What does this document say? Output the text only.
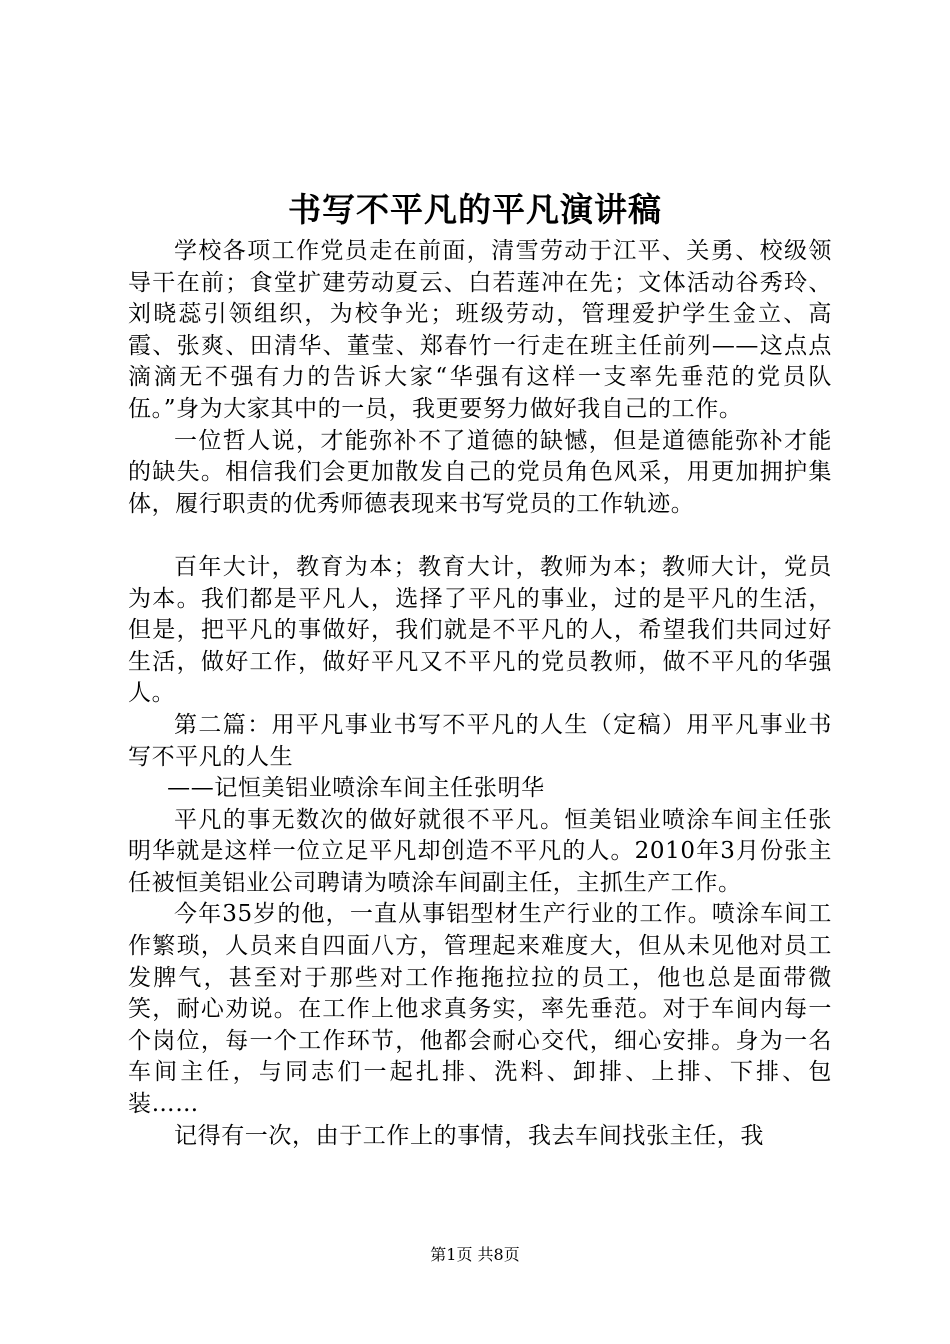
书写不平凡的平凡演讲稿

学校各项工作党员走在前面，清雪劳动于江平、关勇、校级领导干在前；食堂扩建劳动夏云、白若莲冲在先；文体活动谷秀玲、刘晓蕊引领组织，为校争光；班级劳动，管理爱护学生金立、高霞、张爽、田清华、董莹、郑春竹一行走在班主任前列——这点点滴滴无不强有力的告诉大家“华强有这样一支率先垂范的党员队伍。”身为大家其中的一员，我更要努力做好我自己的工作。

一位哲人说，才能弥补不了道德的缺憾，但是道德能弥补才能的缺失。相信我们会更加散发自己的党员角色风采，用更加拥护集体，履行职责的优秀师德表现来书写党员的工作轨迹。

百年大计，教育为本；教育大计，教师为本；教师大计，党员为本。我们都是平凡人，选择了平凡的事业，过的是平凡的生活，但是，把平凡的事做好，我们就是不平凡的人，希望我们共同过好生活，做好工作，做好平凡又不平凡的党员教师，做不平凡的华强人。

第二篇：用平凡事业书写不平凡的人生（定稿）用平凡事业书写不平凡的人生

——记恒美铝业喷涂车间主任张明华

平凡的事无数次的做好就很不平凡。恒美铝业喷涂车间主任张明华就是这样一位立足平凡却创造不平凡的人。2010年3月份张主任被恒美铝业公司聘请为喷涂车间副主任，主抓生产工作。

今年35岁的他，一直从事铝型材生产行业的工作。喷涂车间工作繁琐，人员来自四面八方，管理起来难度大，但从未见他对员工发脾气，甚至对于那些对工作拖拖拉拉的员工，他也总是面带微笑，耐心劝说。在工作上他求真务实，率先垂范。对于车间内每一个岗位，每一个工作环节，他都会耐心交代，细心安排。身为一名车间主任，与同志们一起扎排、洗料、卸排、上排、下排、包装……

记得有一次，由于工作上的事情，我去车间找张主任，我

第1页 共8页
